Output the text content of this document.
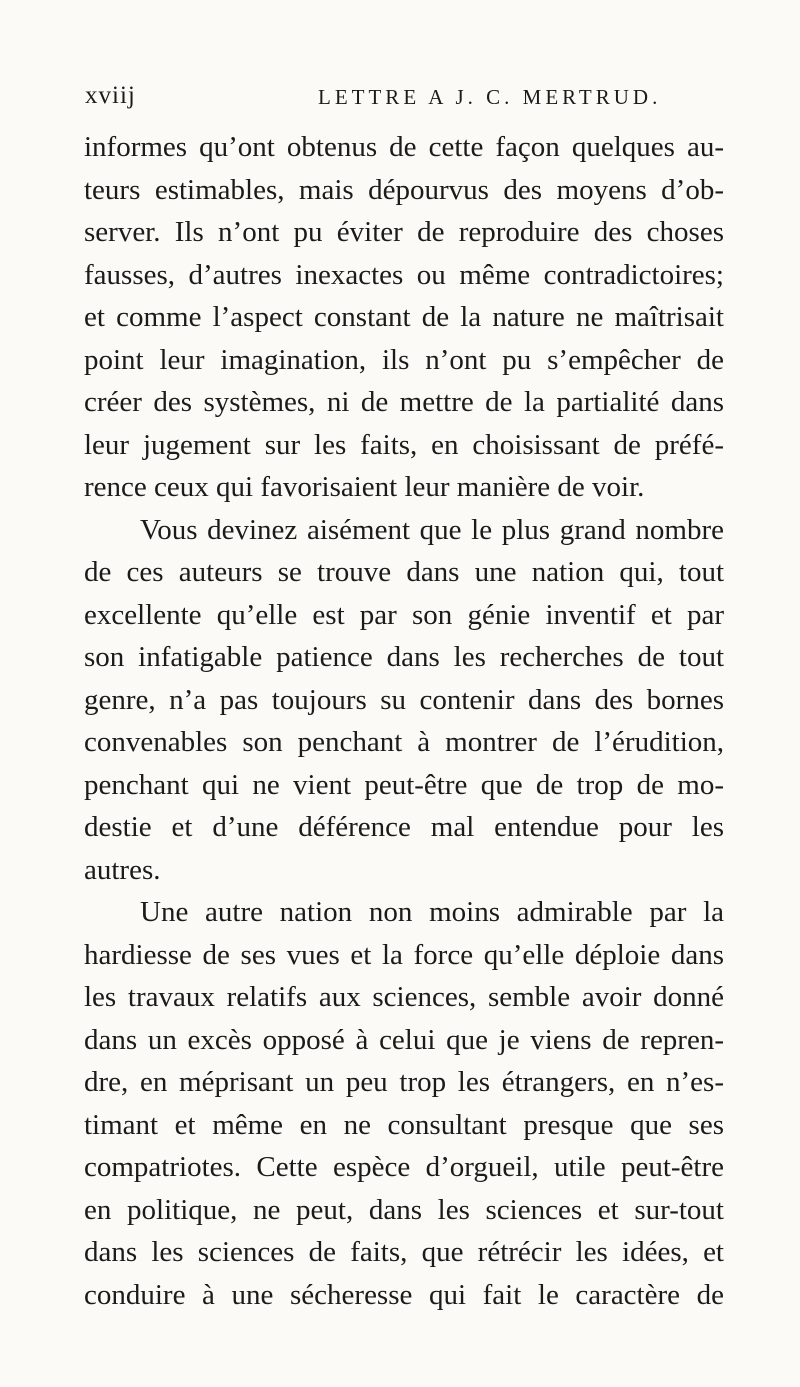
xviij	LETTRE A J. C. MERTRUD.
informes qu’ont obtenus de cette façon quelques au-
teurs estimables, mais dépourvus des moyens d’ob-
server. Ils n’ont pu éviter de reproduire des choses
fausses, d’autres inexactes ou même contradictoires;
et comme l’aspect constant de la nature ne maîtrisait
point leur imagination, ils n’ont pu s’empêcher de
créer des systèmes, ni de mettre de la partialité dans
leur jugement sur les faits, en choisissant de préfé-
rence ceux qui favorisaient leur manière de voir.
Vous devinez aisément que le plus grand nombre
de ces auteurs se trouve dans une nation qui, tout
excellente qu’elle est par son génie inventif et par
son infatigable patience dans les recherches de tout
genre, n’a pas toujours su contenir dans des bornes
convenables son penchant à montrer de l’érudition,
penchant qui ne vient peut-être que de trop de mo-
destie et d’une déférence mal entendue pour les
autres.
Une autre nation non moins admirable par la
hardiesse de ses vues et la force qu’elle déploie dans
les travaux relatifs aux sciences, semble avoir donné
dans un excès opposé à celui que je viens de repren-
dre, en méprisant un peu trop les étrangers, en n’es-
timant et même en ne consultant presque que ses
compatriotes. Cette espèce d’orgueil, utile peut-être
en politique, ne peut, dans les sciences et sur-tout
dans les sciences de faits, que rétrécir les idées, et
conduire à une sécheresse qui fait le caractère de
